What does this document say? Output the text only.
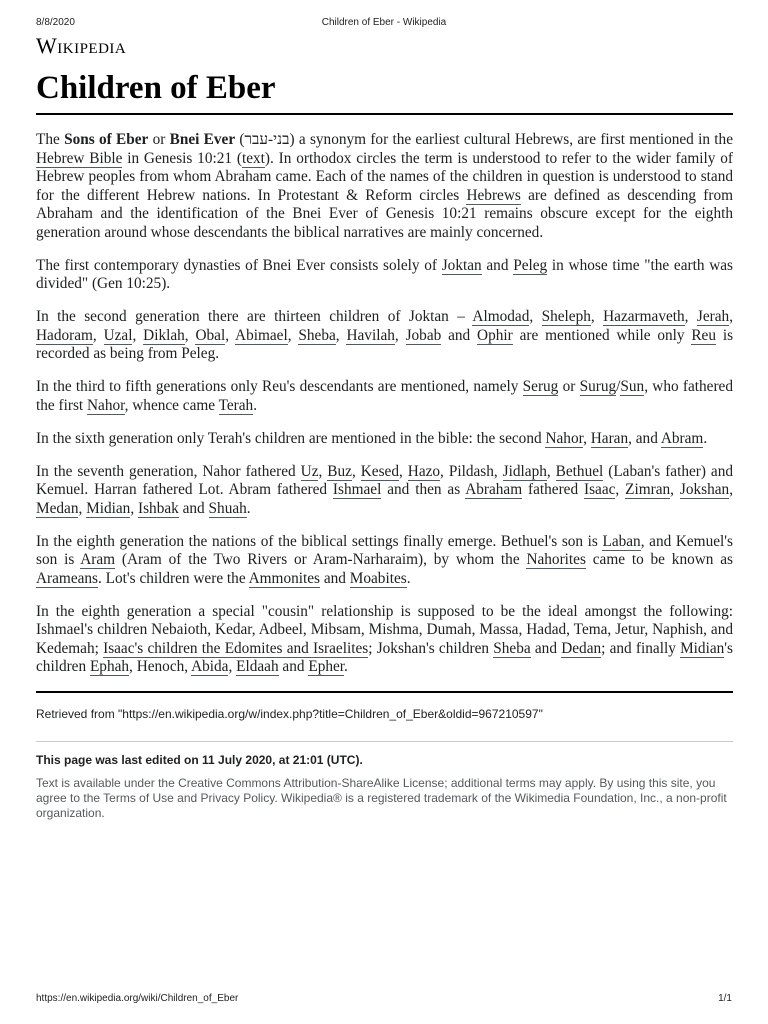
8/8/2020	Children of Eber - Wikipedia
Wikipedia
Children of Eber

The Sons of Eber or Bnei Ever (בני-עבר) a synonym for the earliest cultural Hebrews, are first mentioned in the Hebrew Bible in Genesis 10:21 (text). In orthodox circles the term is understood to refer to the wider family of Hebrew peoples from whom Abraham came. Each of the names of the children in question is understood to stand for the different Hebrew nations. In Protestant & Reform circles Hebrews are defined as descending from Abraham and the identification of the Bnei Ever of Genesis 10:21 remains obscure except for the eighth generation around whose descendants the biblical narratives are mainly concerned.

The first contemporary dynasties of Bnei Ever consists solely of Joktan and Peleg in whose time "the earth was divided" (Gen 10:25).

In the second generation there are thirteen children of Joktan – Almodad, Sheleph, Hazarmaveth, Jerah, Hadoram, Uzal, Diklah, Obal, Abimael, Sheba, Havilah, Jobab and Ophir are mentioned while only Reu is recorded as being from Peleg.

In the third to fifth generations only Reu's descendants are mentioned, namely Serug or Surug/Sun, who fathered the first Nahor, whence came Terah.

In the sixth generation only Terah's children are mentioned in the bible: the second Nahor, Haran, and Abram.

In the seventh generation, Nahor fathered Uz, Buz, Kesed, Hazo, Pildash, Jidlaph, Bethuel (Laban's father) and Kemuel. Harran fathered Lot. Abram fathered Ishmael and then as Abraham fathered Isaac, Zimran, Jokshan, Medan, Midian, Ishbak and Shuah.

In the eighth generation the nations of the biblical settings finally emerge. Bethuel's son is Laban, and Kemuel's son is Aram (Aram of the Two Rivers or Aram-Narharaim), by whom the Nahorites came to be known as Arameans. Lot's children were the Ammonites and Moabites.

In the eighth generation a special "cousin" relationship is supposed to be the ideal amongst the following: Ishmael's children Nebaioth, Kedar, Adbeel, Mibsam, Mishma, Dumah, Massa, Hadad, Tema, Jetur, Naphish, and Kedemah; Isaac's children the Edomites and Israelites; Jokshan's children Sheba and Dedan; and finally Midian's children Ephah, Henoch, Abida, Eldaah and Epher.

Retrieved from "https://en.wikipedia.org/w/index.php?title=Children_of_Eber&oldid=967210597"

This page was last edited on 11 July 2020, at 21:01 (UTC).

Text is available under the Creative Commons Attribution-ShareAlike License; additional terms may apply. By using this site, you agree to the Terms of Use and Privacy Policy. Wikipedia® is a registered trademark of the Wikimedia Foundation, Inc., a non-profit organization.

https://en.wikipedia.org/wiki/Children_of_Eber	1/1
